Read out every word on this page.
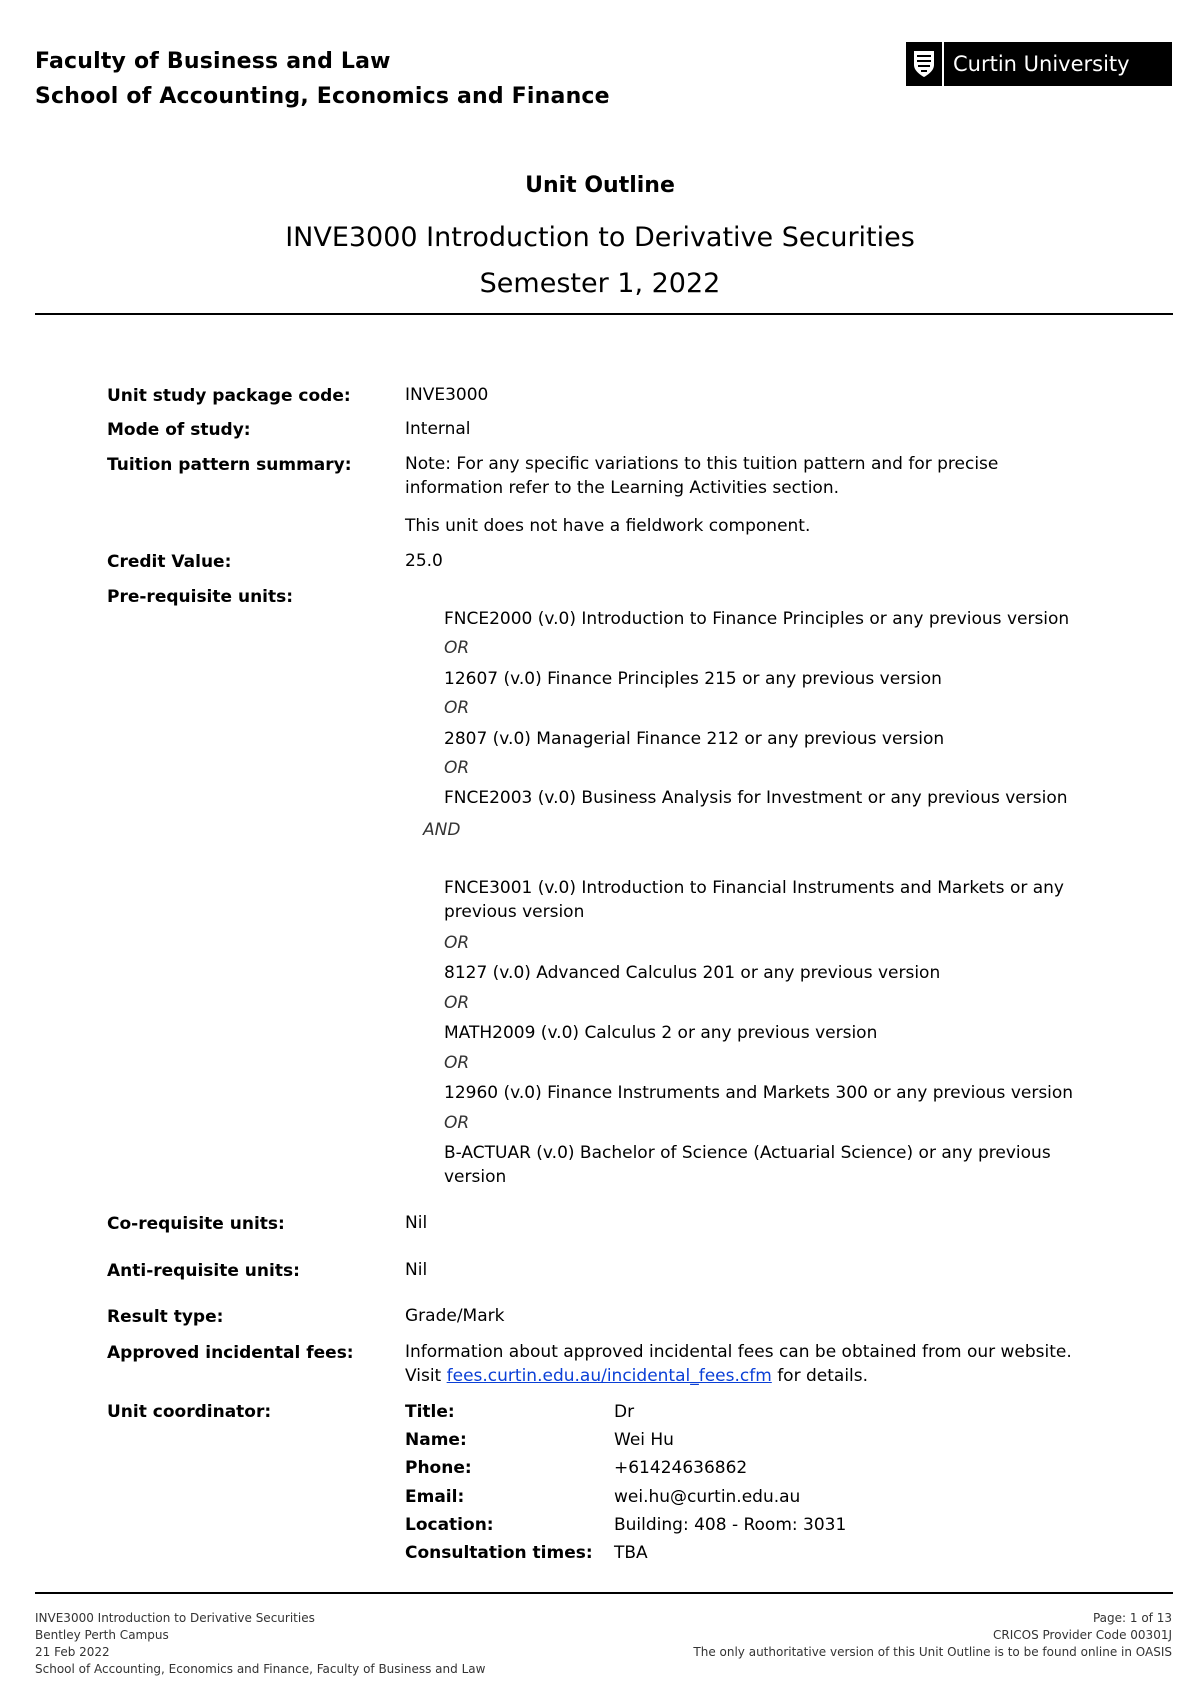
Faculty of Business and Law
School of Accounting, Economics and Finance
Curtin University
Unit Outline
INVE3000 Introduction to Derivative Securities
Semester 1, 2022
Unit study package code:	INVE3000
Mode of study:	Internal
Tuition pattern summary:	Note: For any specific variations to this tuition pattern and for precise
information refer to the Learning Activities section.
This unit does not have a fieldwork component.
Credit Value:	25.0
Pre-requisite units:
FNCE2000 (v.0) Introduction to Finance Principles or any previous version
OR
12607 (v.0) Finance Principles 215 or any previous version
OR
2807 (v.0) Managerial Finance 212 or any previous version
OR
FNCE2003 (v.0) Business Analysis for Investment or any previous version
AND
FNCE3001 (v.0) Introduction to Financial Instruments and Markets or any
previous version
OR
8127 (v.0) Advanced Calculus 201 or any previous version
OR
MATH2009 (v.0) Calculus 2 or any previous version
OR
12960 (v.0) Finance Instruments and Markets 300 or any previous version
OR
B-ACTUAR (v.0) Bachelor of Science (Actuarial Science) or any previous
version
Co-requisite units:	Nil
Anti-requisite units:	Nil
Result type:	Grade/Mark
Approved incidental fees:	Information about approved incidental fees can be obtained from our website.
Visit fees.curtin.edu.au/incidental_fees.cfm for details.
Unit coordinator:	Title:	Dr
Name:	Wei Hu
Phone:	+61424636862
Email:	wei.hu@curtin.edu.au
Location:	Building: 408 - Room: 3031
Consultation times: TBA
INVE3000 Introduction to Derivative Securities
Bentley Perth Campus
21 Feb 2022
School of Accounting, Economics and Finance, Faculty of Business and Law
Page: 1 of 13
CRICOS Provider Code 00301J
The only authoritative version of this Unit Outline is to be found online in OASIS
